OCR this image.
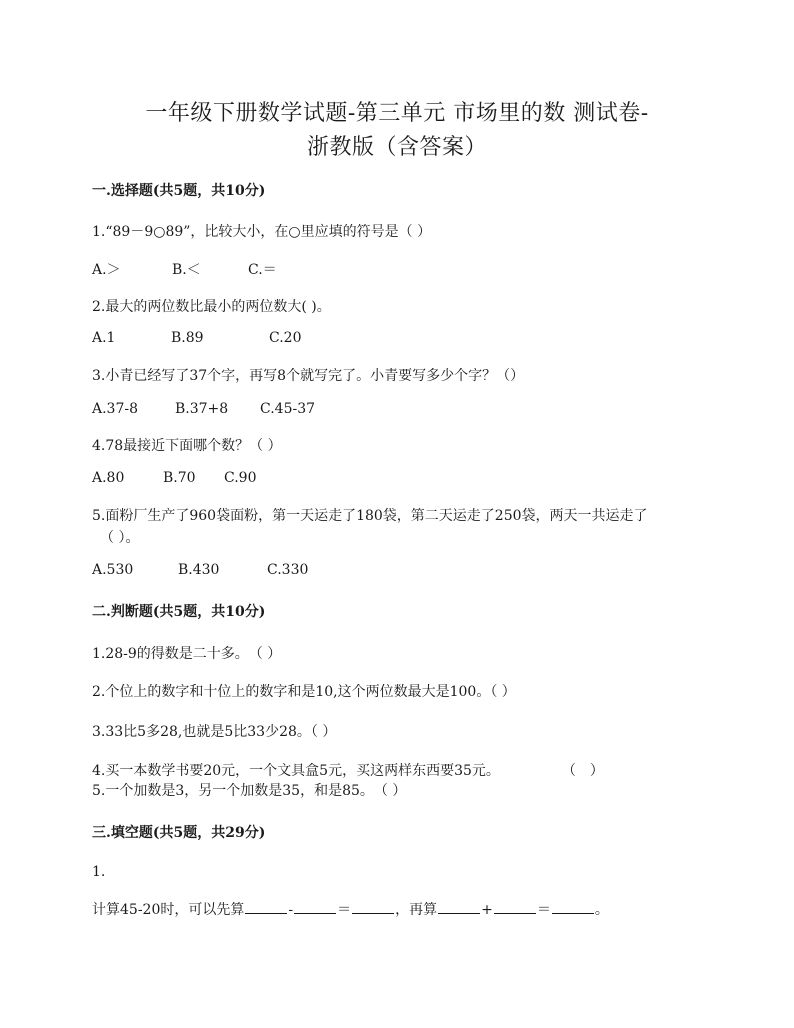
一年级下册数学试题-第三单元 市场里的数 测试卷-
浙教版（含答案）
一.选择题(共5题，共10分)
1.“89－9○89”，比较大小，在○里应填的符号是（ ）
A.＞	B.＜	C.＝
2.最大的两位数比最小的两位数大( )。
A.1	B.89	C.20
3.小青已经写了37个字，再写8个就写完了。小青要写多少个字？（）
A.37-8	B.37+8 C.45-37
4.78最接近下面哪个数？（ ）
A.80	B.70 C.90
5.面粉厂生产了960袋面粉，第一天运走了180袋，第二天运走了250袋，两天一共运走了
（ ）。
A.530	B.430	C.330
二.判断题(共5题，共10分)
1.28-9的得数是二十多。　（ ）
2.个位上的数字和十位上的数字和是10,这个两位数最大是100。（ ）
3.33比5多28,也就是5比33少28。（ ）
4.买一本数学书要20元，一个文具盒5元，买这两样东西要35元。	（　）
5.一个加数是3，另一个加数是35，和是85。　（ ）
三.填空题(共5题，共29分)
1.
计算45-20时，可以先算	-	＝	，再算	+	＝	。
